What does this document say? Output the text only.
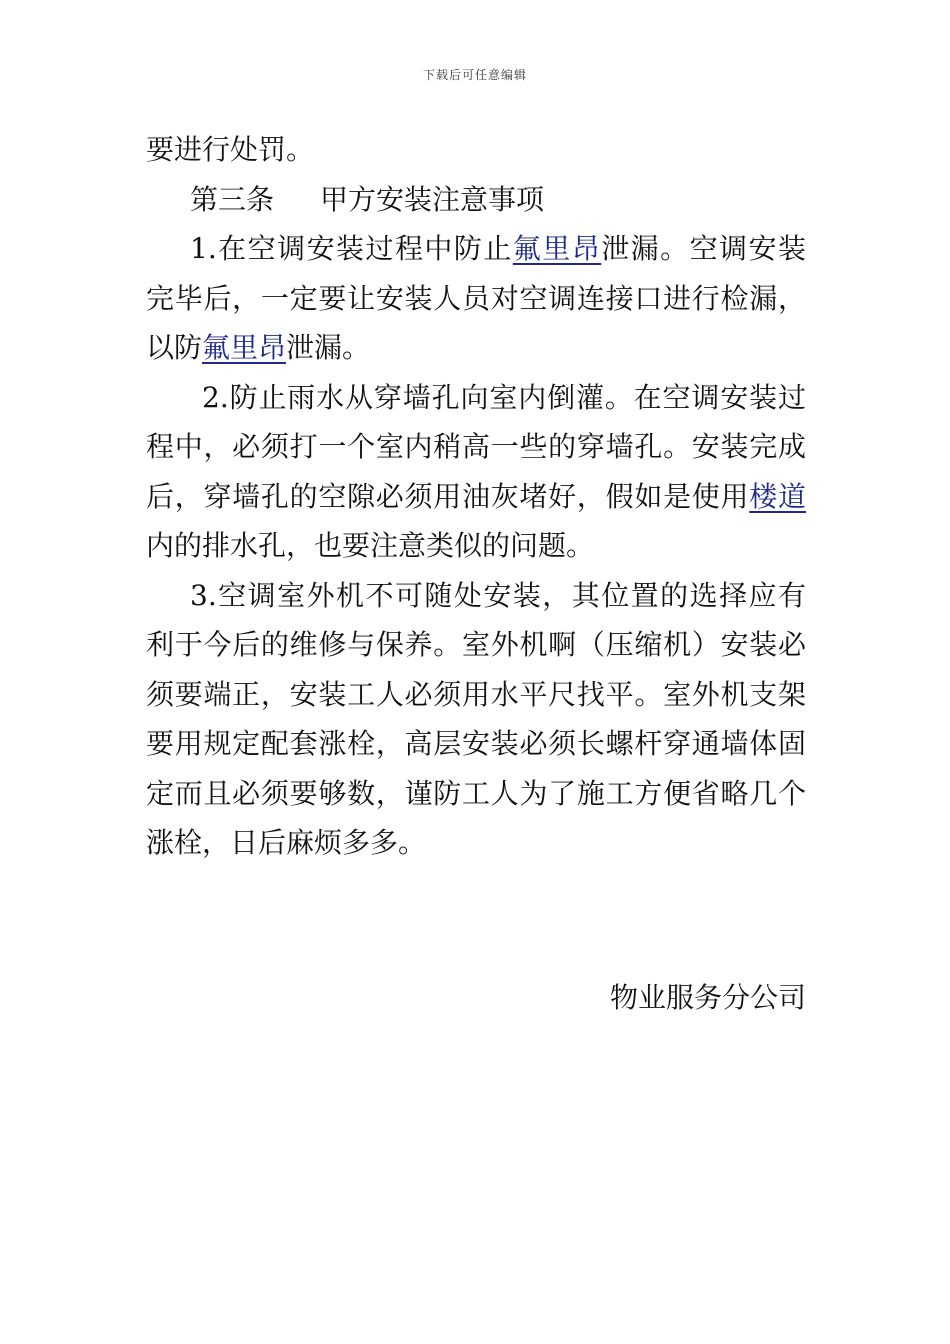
下载后可任意编辑
要进行处罚。
第三条 甲方安装注意事项
1.在空调安装过程中防止氟里昂泄漏。空调安装
完毕后，一定要让安装人员对空调连接口进行检漏，
以防氟里昂泄漏。
2.防止雨水从穿墙孔向室内倒灌。在空调安装过
程中，必须打一个室内稍高一些的穿墙孔。安装完成
后，穿墙孔的空隙必须用油灰堵好，假如是使用楼道
内的排水孔，也要注意类似的问题。
3.空调室外机不可随处安装，其位置的选择应有
利于今后的维修与保养。室外机啊（压缩机）安装必
须要端正，安装工人必须用水平尺找平。室外机支架
要用规定配套涨栓，高层安装必须长螺杆穿通墙体固
定而且必须要够数，谨防工人为了施工方便省略几个
涨栓，日后麻烦多多。
物业服务分公司
